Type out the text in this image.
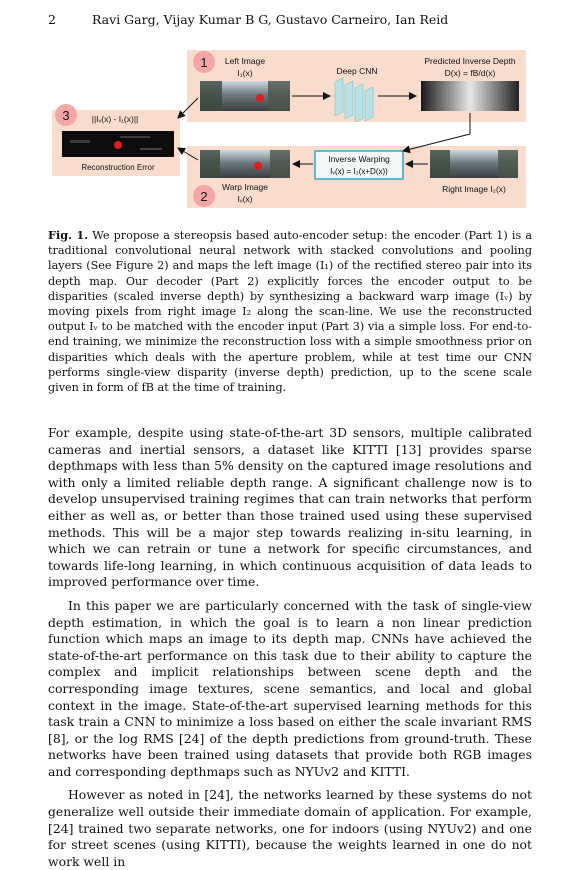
2	Ravi Garg, Vijay Kumar B G, Gustavo Carneiro, Ian Reid
1 Left Image
I₁(x)	Deep CNN
Predicted Inverse Depth
D(x) = fB/d(x)
3	||Iᵥ(x) - I₁(x)||
Reconstruction Error
2
Warp Image
Iᵥ(x)
Inverse Warping
Iᵥ(x) = I₂(x+D(x))
Right Image I₂(x)
Fig. 1. We propose a stereopsis based auto-encoder setup: the encoder (Part 1) is a traditional convolutional neural network with stacked convolutions and pooling layers (See Figure 2) and maps the left image (I₁) of the rectified stereo pair into its depth map. Our decoder (Part 2) explicitly forces the encoder output to be disparities (scaled inverse depth) by synthesizing a backward warp image (Iᵥ) by moving pixels from right image I₂ along the scan-line. We use the reconstructed output Iᵥ to be matched with the encoder input (Part 3) via a simple loss. For end-to-end training, we minimize the reconstruction loss with a simple smoothness prior on disparities which deals with the aperture problem, while at test time our CNN performs single-view disparity (inverse depth) prediction, up to the scene scale given in form of fB at the time of training.

For example, despite using state-of-the-art 3D sensors, multiple calibrated cameras and inertial sensors, a dataset like KITTI [13] provides sparse depthmaps with less than 5% density on the captured image resolutions and with only a limited reliable depth range. A significant challenge now is to develop unsupervised training regimes that can train networks that perform either as well as, or better than those trained used using these supervised methods. This will be a major step towards realizing in-situ learning, in which we can retrain or tune a network for specific circumstances, and towards life-long learning, in which continuous acquisition of data leads to improved performance over time.

In this paper we are particularly concerned with the task of single-view depth estimation, in which the goal is to learn a non linear prediction function which maps an image to its depth map. CNNs have achieved the state-of-the-art performance on this task due to their ability to capture the complex and implicit relationships between scene depth and the corresponding image textures, scene semantics, and local and global context in the image. State-of-the-art supervised learning methods for this task train a CNN to minimize a loss based on either the scale invariant RMS [8], or the log RMS [24] of the depth predictions from ground-truth. These networks have been trained using datasets that provide both RGB images and corresponding depthmaps such as NYUv2 and KITTI.

However as noted in [24], the networks learned by these systems do not generalize well outside their immediate domain of application. For example, [24] trained two separate networks, one for indoors (using NYUv2) and one for street scenes (using KITTI), because the weights learned in one do not work well in
